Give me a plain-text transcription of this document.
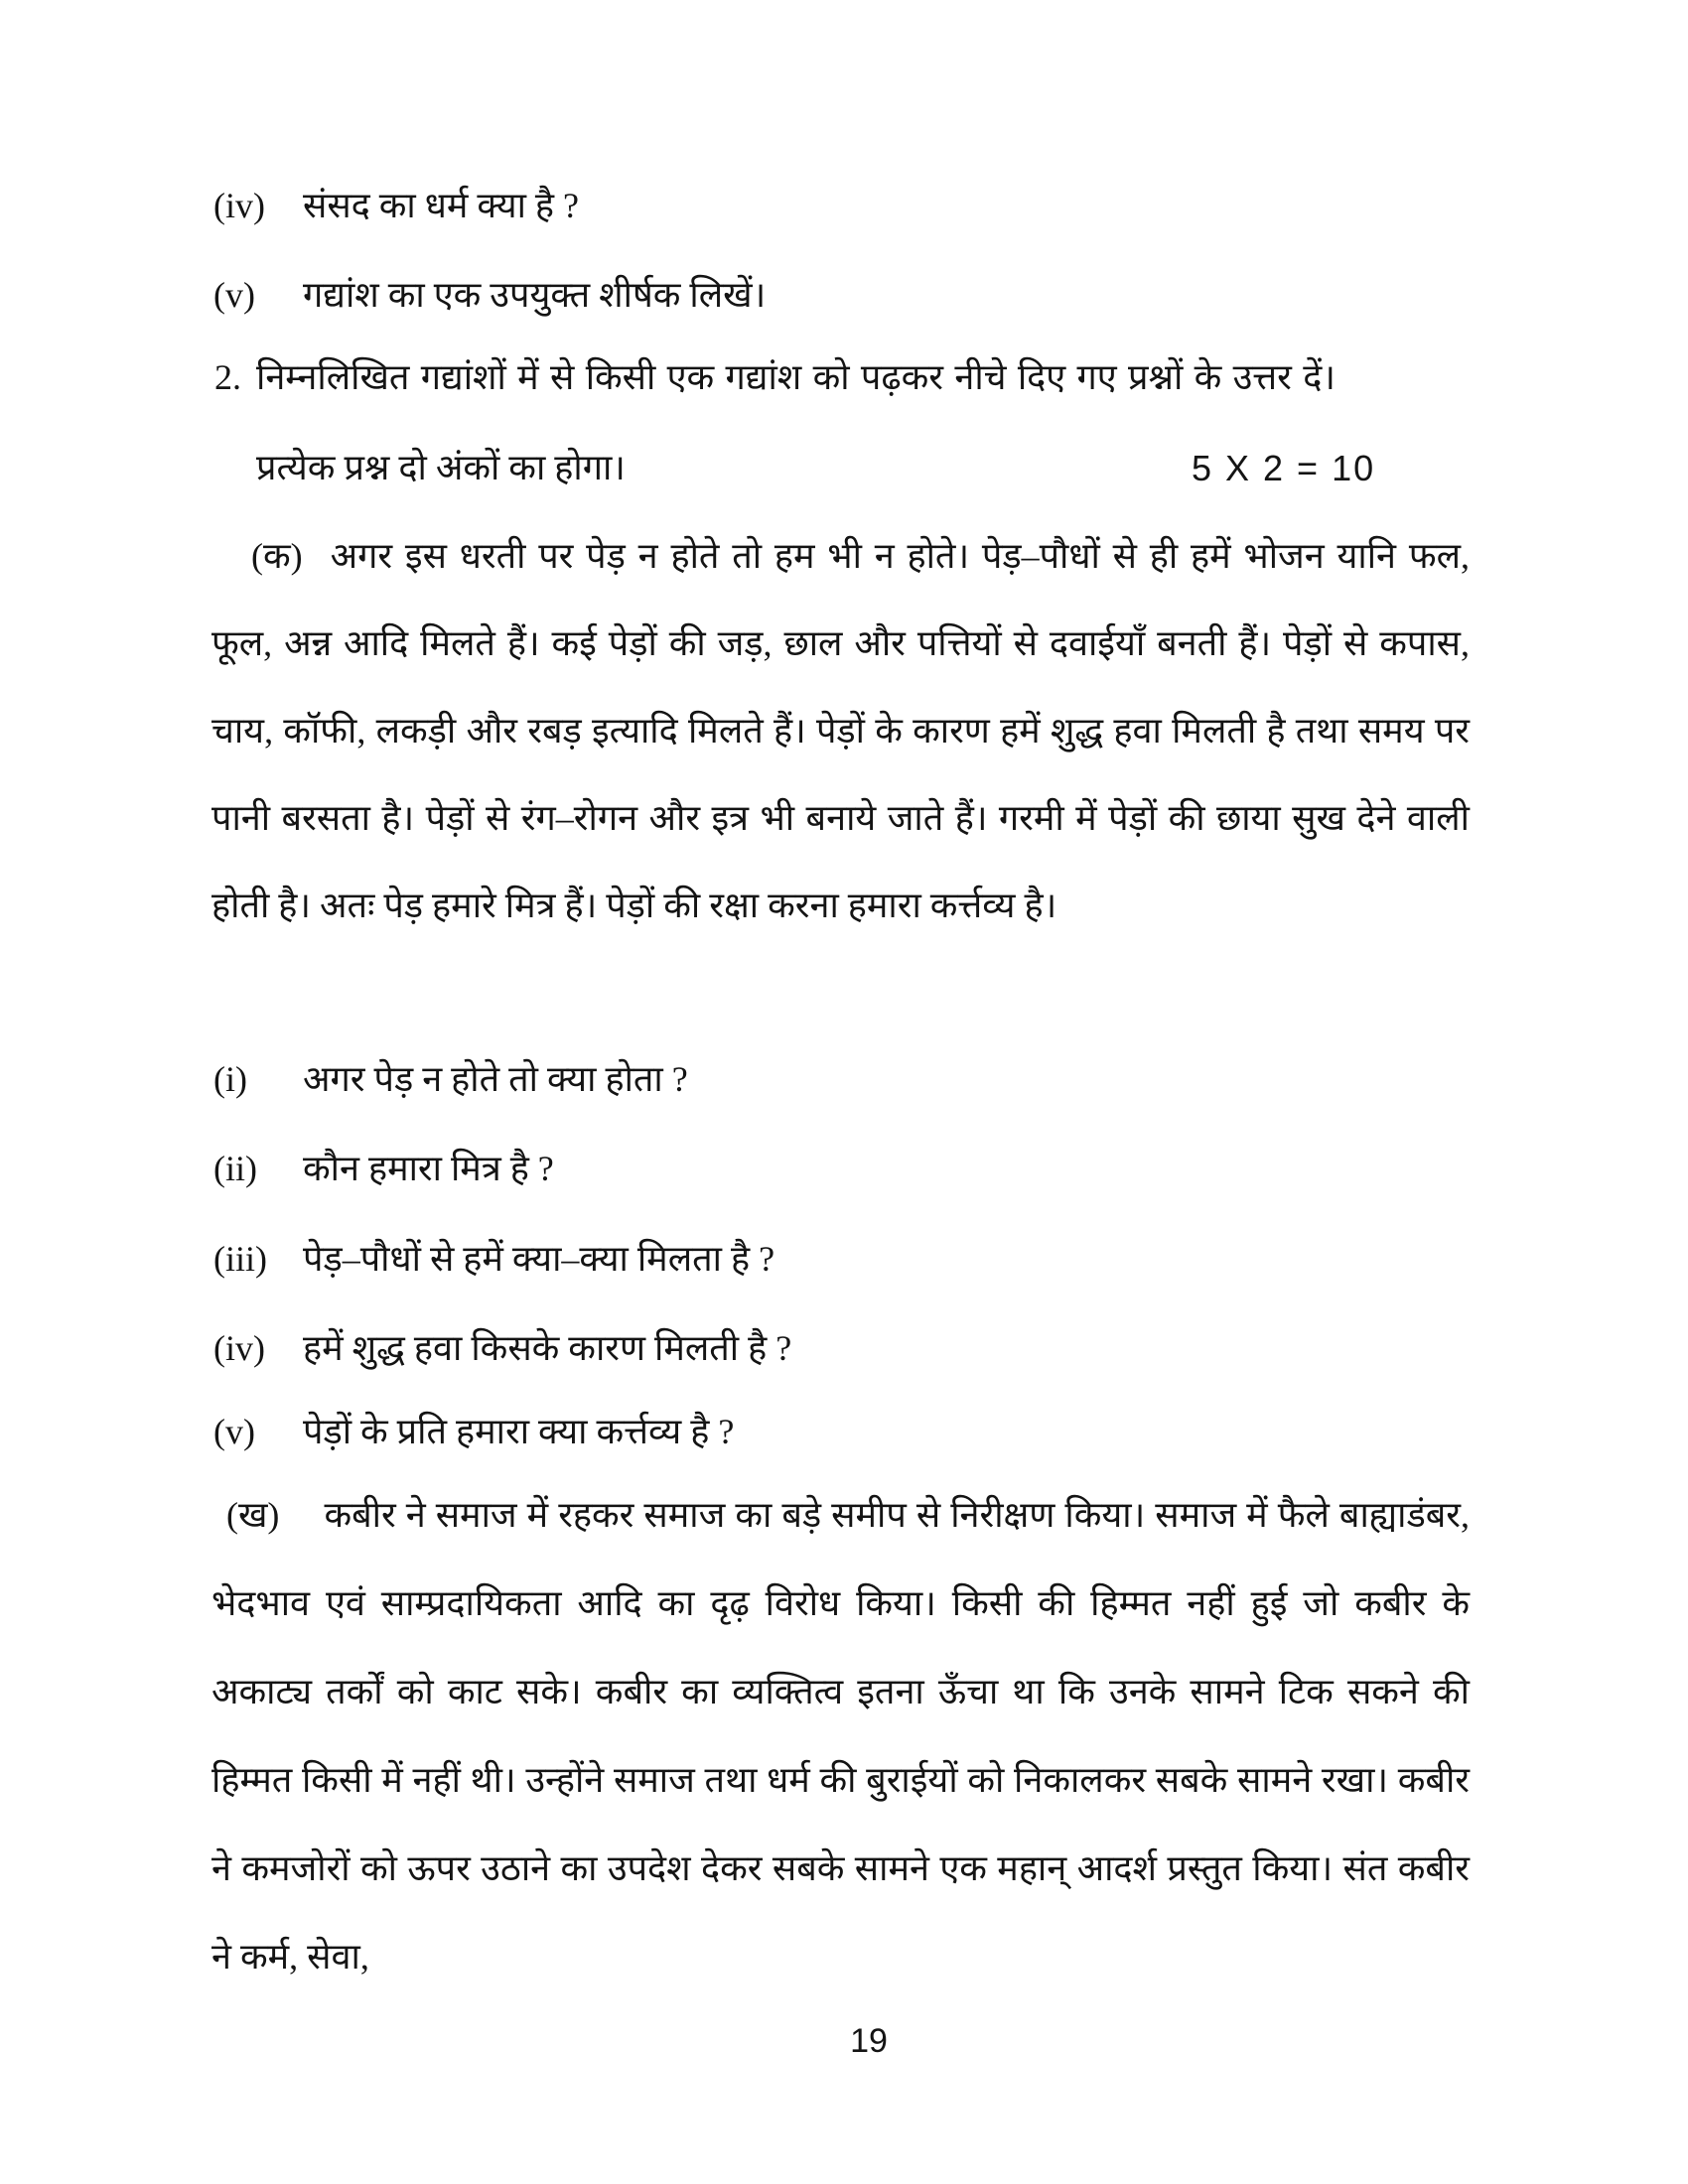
(iv)	संसद का धर्म क्या है ?
(v)	गद्यांश का एक उपयुक्त शीर्षक लिखें।
2. निम्नलिखित गद्यांशों में से किसी एक गद्यांश को पढ़कर नीचे दिए गए प्रश्नों के उत्तर दें। प्रत्येक प्रश्न दो अंकों का होगा।	5 X 2 = 10

(क) अगर इस धरती पर पेड़ न होते तो हम भी न होते। पेड़–पौधों से ही हमें भोजन यानि फल, फूल, अन्न आदि मिलते हैं। कई पेड़ों की जड़, छाल और पत्तियों से दवाईयाँ बनती हैं। पेड़ों से कपास, चाय, कॉफी, लकड़ी और रबड़ इत्यादि मिलते हैं। पेड़ों के कारण हमें शुद्ध हवा मिलती है तथा समय पर पानी बरसता है। पेड़ों से रंग–रोगन और इत्र भी बनाये जाते हैं। गरमी में पेड़ों की छाया सुख देने वाली होती है। अतः पेड़ हमारे मित्र हैं। पेड़ों की रक्षा करना हमारा कर्त्तव्य है।

(i)	अगर पेड़ न होते तो क्या होता ?
(ii)	कौन हमारा मित्र है ?
(iii)	पेड़–पौधों से हमें क्या–क्या मिलता है ?
(iv)	हमें शुद्ध हवा किसके कारण मिलती है ?
(v)	पेड़ों के प्रति हमारा क्या कर्त्तव्य है ?

(ख) कबीर ने समाज में रहकर समाज का बड़े समीप से निरीक्षण किया। समाज में फैले बाह्याडंबर, भेदभाव एवं साम्प्रदायिकता आदि का दृढ़ विरोध किया। किसी की हिम्मत नहीं हुई जो कबीर के अकाट्य तर्कों को काट सके। कबीर का व्यक्तित्व इतना ऊँचा था कि उनके सामने टिक सकने की हिम्मत किसी में नहीं थी। उन्होंने समाज तथा धर्म की बुराईयों को निकालकर सबके सामने रखा। कबीर ने कमजोरों को ऊपर उठाने का उपदेश देकर सबके सामने एक महान् आदर्श प्रस्तुत किया। संत कबीर ने कर्म, सेवा,

19
